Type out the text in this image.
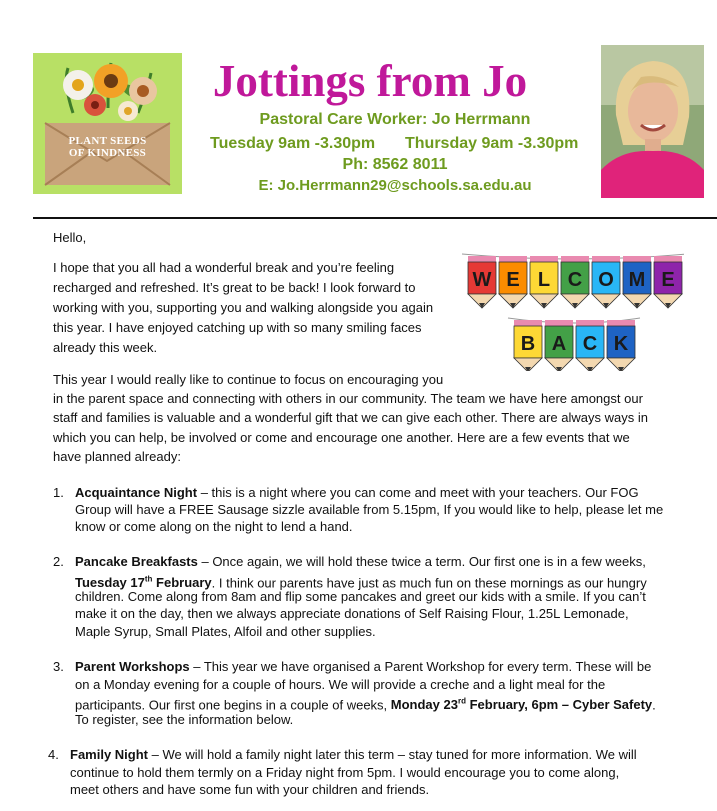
PLANT SEEDS
OF KINDNESS
Jottings from Jo
Pastoral Care Worker: Jo Herrmann
Tuesday 9am -3.30pm Thursday 9am -3.30pm
Ph: 8562 8011
E: Jo.Herrmann29@schools.sa.edu.au
W E L C O M E
B A C K
Hello,
I hope that you all had a wonderful break and you’re feeling
recharged and refreshed. It’s great to be back! I look forward to
working with you, supporting you and walking alongside you again
this year. I have enjoyed catching up with so many smiling faces
already this week.
This year I would really like to continue to focus on encouraging you
in the parent space and connecting with others in our community. The team we have here amongst our
staff and families is valuable and a wonderful gift that we can give each other. There are always ways in
which you can help, be involved or come and encourage one another. Here are a few events that we
have planned already:
1. Acquaintance Night – this is a night where you can come and meet with your teachers. Our FOG
Group will have a FREE Sausage sizzle available from 5.15pm, If you would like to help, please let me
know or come along on the night to lend a hand.
2. Pancake Breakfasts – Once again, we will hold these twice a term. Our first one is in a few weeks,
Tuesday 17th February. I think our parents have just as much fun on these mornings as our hungry
children. Come along from 8am and flip some pancakes and greet our kids with a smile. If you can’t
make it on the day, then we always appreciate donations of Self Raising Flour, 1.25L Lemonade,
Maple Syrup, Small Plates, Alfoil and other supplies.
3. Parent Workshops – This year we have organised a Parent Workshop for every term. These will be
on a Monday evening for a couple of hours. We will provide a creche and a light meal for the
participants. Our first one begins in a couple of weeks, Monday 23rd February, 6pm – Cyber Safety.
To register, see the information below.
4. Family Night – We will hold a family night later this term – stay tuned for more information. We will
continue to hold them termly on a Friday night from 5pm. I would encourage you to come along,
meet others and have some fun with your children and friends.
